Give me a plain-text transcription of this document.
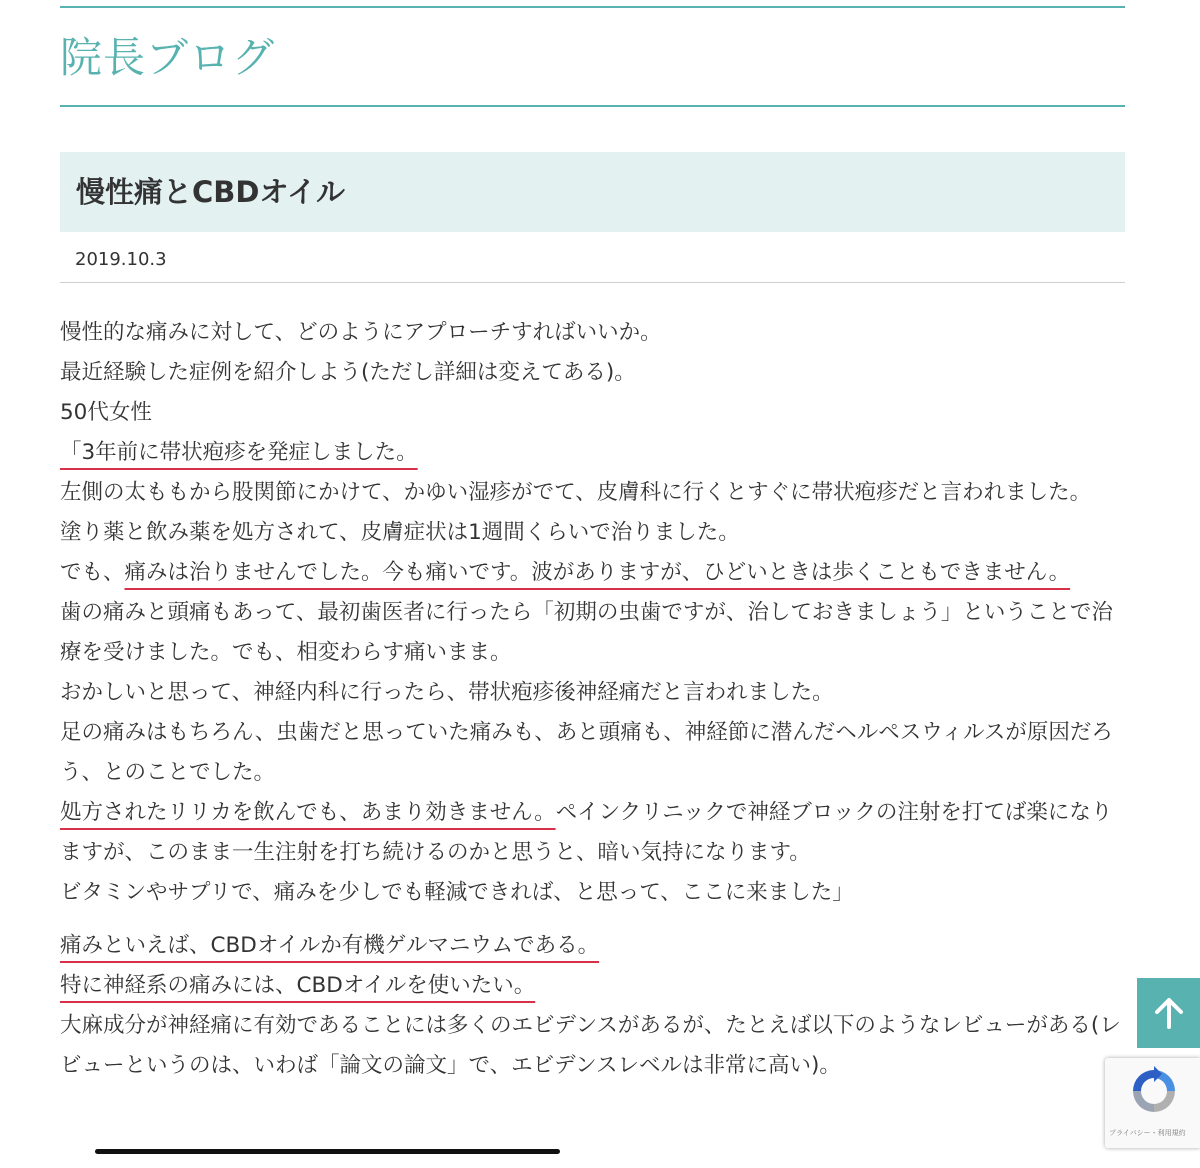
院長ブログ
慢性痛とCBDオイル
2019.10.3

慢性的な痛みに対して、どのようにアプローチすればいいか。

最近経験した症例を紹介しよう(ただし詳細は変えてある)。

50代女性

「3年前に帯状疱疹を発症しました。

左側の太ももから股関節にかけて、かゆい湿疹がでて、皮膚科に行くとすぐに帯状疱疹だと言われました。

塗り薬と飲み薬を処方されて、皮膚症状は1週間くらいで治りました。

でも、痛みは治りませんでした。今も痛いです。波がありますが、ひどいときは歩くこともできません。

歯の痛みと頭痛もあって、最初歯医者に行ったら「初期の虫歯ですが、治しておきましょう」ということで治療を受けました。でも、相変わらす痛いまま。

おかしいと思って、神経内科に行ったら、帯状疱疹後神経痛だと言われました。

足の痛みはもちろん、虫歯だと思っていた痛みも、あと頭痛も、神経節に潜んだヘルペスウィルスが原因だろう、とのことでした。

処方されたリリカを飲んでも、あまり効きません。ペインクリニックで神経ブロックの注射を打てば楽になりますが、このまま一生注射を打ち続けるのかと思うと、暗い気持になります。

ビタミンやサプリで、痛みを少しでも軽減できれば、と思って、ここに来ました」

痛みといえば、CBDオイルか有機ゲルマニウムである。

特に神経系の痛みには、CBDオイルを使いたい。

大麻成分が神経痛に有効であることには多くのエビデンスがあるが、たとえば以下のようなレビューがある(レビューというのは、いわば「論文の論文」で、エビデンスレベルは非常に高い)。

プライバシー・利用規約
